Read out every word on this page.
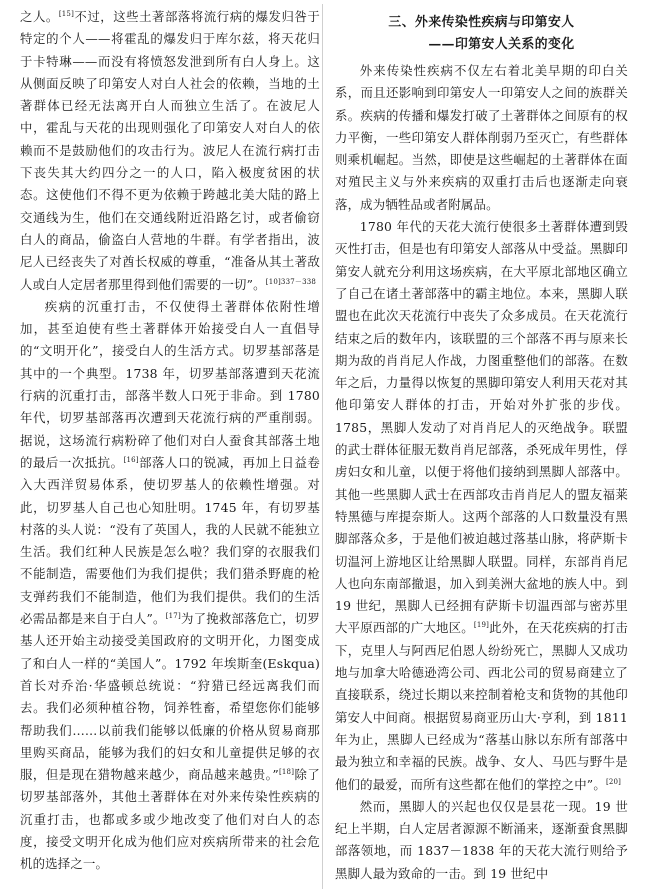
之人。[15]不过，这些土著部落将流行病的爆发归咎于特定的个人——将霍乱的爆发归于库尔兹，将天花归于卡特琳——而没有将愤怒发泄到所有白人身上。这从侧面反映了印第安人对白人社会的依赖，当地的土著群体已经无法离开白人而独立生活了。在波尼人中，霍乱与天花的出现则强化了印第安人对白人的依赖而不是鼓励他们的攻击行为。波尼人在流行病打击下丧失其大约四分之一的人口，陷入极度贫困的状态。这使他们不得不更为依赖于跨越北美大陆的路上交通线为生，他们在交通线附近沿路乞讨，或者偷窃白人的商品，偷盗白人营地的牛群。有学者指出，波尼人已经丧失了对酋长权威的尊重，“准备从其土著敌人或白人定居者那里得到他们需要的一切”。$^{[10]337-338}$

疾病的沉重打击，不仅使得土著群体依附性增加，甚至迫使有些土著群体开始接受白人一直倡导的“文明开化”，接受白人的生活方式。切罗基部落是其中的一个典型。1738 年，切罗基部落遭到天花流行病的沉重打击，部落半数人口死于非命。到 1780 年代，切罗基部落再次遭到天花流行病的严重削弱。据说，这场流行病粉碎了他们对白人蚕食其部落土地的最后一次抵抗。[16]部落人口的锐减，再加上日益卷入大西洋贸易体系，使切罗基人的依赖性增强。对此，切罗基人自己也心知肚明。1745 年，有切罗基村落的头人说：“没有了英国人，我的人民就不能独立生活。我们红种人民族是怎么啦？我们穿的衣服我们不能制造，需要他们为我们提供；我们猎杀野鹿的枪支弹药我们不能制造，他们为我们提供。我们的生活必需品都是来自于白人”。[17]为了挽救部落危亡，切罗基人还开始主动接受美国政府的文明开化，力图变成了和白人一样的“美国人”。1792 年埃斯奎(Eskqua)首长对乔治·华盛顿总统说：“狩猎已经远离我们而去。我们必须种植谷物，饲养牲畜，希望您你们能够帮助我们……以前我们能够以低廉的价格从贸易商那里购买商品，能够为我们的妇女和儿童提供足够的衣服，但是现在猎物越来越少，商品越来越贵。”[18]除了切罗基部落外，其他土著群体在对外来传染性疾病的沉重打击，也都或多或少地改变了他们对白人的态度，接受文明开化成为他们应对疾病所带来的社会危机的选择之一。

三、外来传染性疾病与印第安人
——印第安人关系的变化

外来传染性疾病不仅左右着北美早期的印白关系，而且还影响到印第安人一印第安人之间的族群关系。疾病的传播和爆发打破了土著群体之间原有的权力平衡，一些印第安人群体削弱乃至灭亡，有些群体则乘机崛起。当然，即使是这些崛起的土著群体在面对殖民主义与外来疾病的双重打击后也逐渐走向衰落，成为牺牲品或者附属品。

1780 年代的天花大流行使很多土著群体遭到毁灭性打击，但是也有印第安人部落从中受益。黑脚印第安人就充分利用这场疾病，在大平原北部地区确立了自己在诸土著部落中的霸主地位。本来，黑脚人联盟也在此次天花流行中丧失了众多成员。在天花流行结束之后的数年内，该联盟的三个部落不再与原来长期为敌的肖肖尼人作战，力图重整他们的部落。在数年之后，力量得以恢复的黑脚印第安人利用天花对其他印第安人群体的打击，开始对外扩张的步伐。1785，黑脚人发动了对肖肖尼人的灭绝战争。联盟的武士群体征服无数肖肖尼部落，杀死成年男性，俘虏妇女和儿童，以便于将他们接纳到黑脚人部落中。其他一些黑脚人武士在西部攻击肖肖尼人的盟友福莱特黑德与库提奈斯人。这两个部落的人口数量没有黑脚部落众多，于是他们被迫越过落基山脉，将萨斯卡切温河上游地区让给黑脚人联盟。同样，东部肖肖尼人也向东南部撤退，加入到美洲大盆地的族人中。到 19 世纪，黑脚人已经拥有萨斯卡切温西部与密苏里大平原西部的广大地区。[19]此外，在天花疾病的打击下，克里人与阿西尼伯恩人纷纷死亡，黑脚人又成功地与加拿大哈德逊湾公司、西北公司的贸易商建立了直接联系，绕过长期以来控制着枪支和货物的其他印第安人中间商。根据贸易商亚历山大·亨利，到 1811 年为止，黑脚人已经成为“落基山脉以东所有部落中最为独立和幸福的民族。战争、女人、马匹与野牛是他们的最爱，而所有这些都在他们的掌控之中”。[20]

然而，黑脚人的兴起也仅仅是昙花一现。19 世纪上半期，白人定居者源源不断涌来，逐渐蚕食黑脚部落领地，而 1837－1838 年的天花大流行则给予黑脚人最为致命的一击。到 19 世纪中
